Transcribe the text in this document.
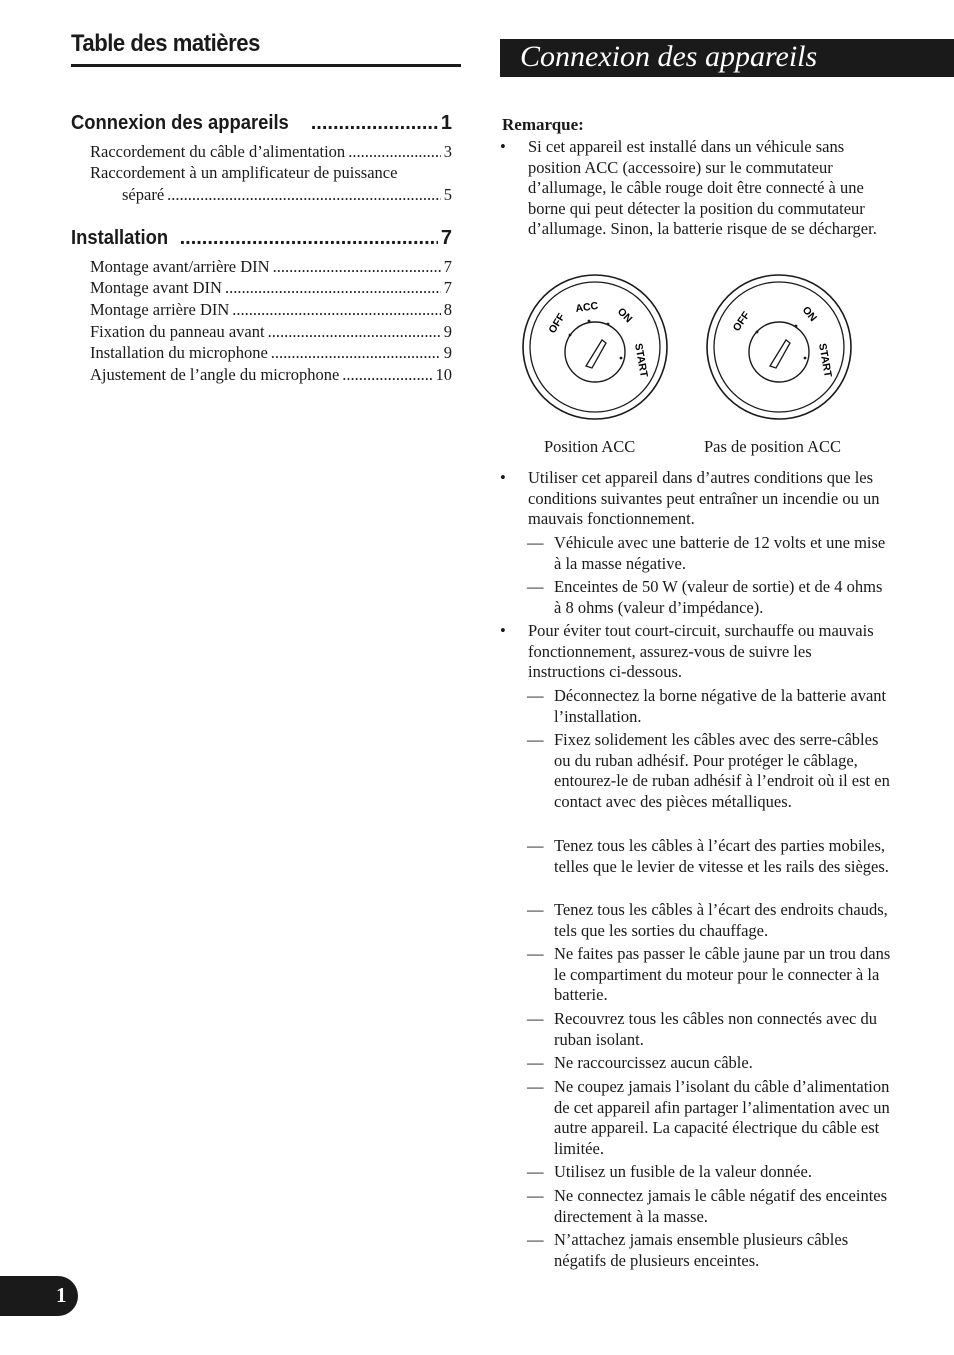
Table des matières
Connexion des appareils .....	1
Raccordement du câble d’alimentation .....	3
Raccordement à un amplificateur de puissance
séparé .....	5
Installation .....	7
Montage avant/arrière DIN .....	7
Montage avant DIN .....	7
Montage arrière DIN .....	8
Fixation du panneau avant .....	9
Installation du microphone .....	9
Ajustement de l’angle du microphone .....	10
Connexion des appareils
Remarque:
•	Si cet appareil est installé dans un véhicule sans position ACC (accessoire) sur le commutateur d’allumage, le câble rouge doit être connecté à une borne qui peut détecter la position du commutateur d’allumage. Sinon, la batterie risque de se décharger.
OFF
ACC ON
START
OFF	ON
START
Position ACC	Pas de position ACC
•	Utiliser cet appareil dans d’autres conditions que les conditions suivantes peut entraîner un incendie ou un mauvais fonctionnement.
— Véhicule avec une batterie de 12 volts et une mise à la masse négative.
— Enceintes de 50 W (valeur de sortie) et de 4 ohms à 8 ohms (valeur d’impédance).
•	Pour éviter tout court-circuit, surchauffe ou mauvais fonctionnement, assurez-vous de suivre les instructions ci-dessous.
— Déconnectez la borne négative de la batterie avant l’installation.
— Fixez solidement les câbles avec des serre-câbles ou du ruban adhésif. Pour protéger le câblage, entourez-le de ruban adhésif à l’endroit où il est en contact avec des pièces métalliques.
— Tenez tous les câbles à l’écart des parties mobiles, telles que le levier de vitesse et les rails des sièges.
— Tenez tous les câbles à l’écart des endroits chauds, tels que les sorties du chauffage.
— Ne faites pas passer le câble jaune par un trou dans le compartiment du moteur pour le connecter à la batterie.
— Recouvrez tous les câbles non connectés avec du ruban isolant.
— Ne raccourcissez aucun câble.
— Ne coupez jamais l’isolant du câble d’alimentation de cet appareil afin partager l’alimentation avec un autre appareil. La capacité électrique du câble est limitée.
— Utilisez un fusible de la valeur donnée.
— Ne connectez jamais le câble négatif des enceintes directement à la masse.
— N’attachez jamais ensemble plusieurs câbles négatifs de plusieurs enceintes.
1
